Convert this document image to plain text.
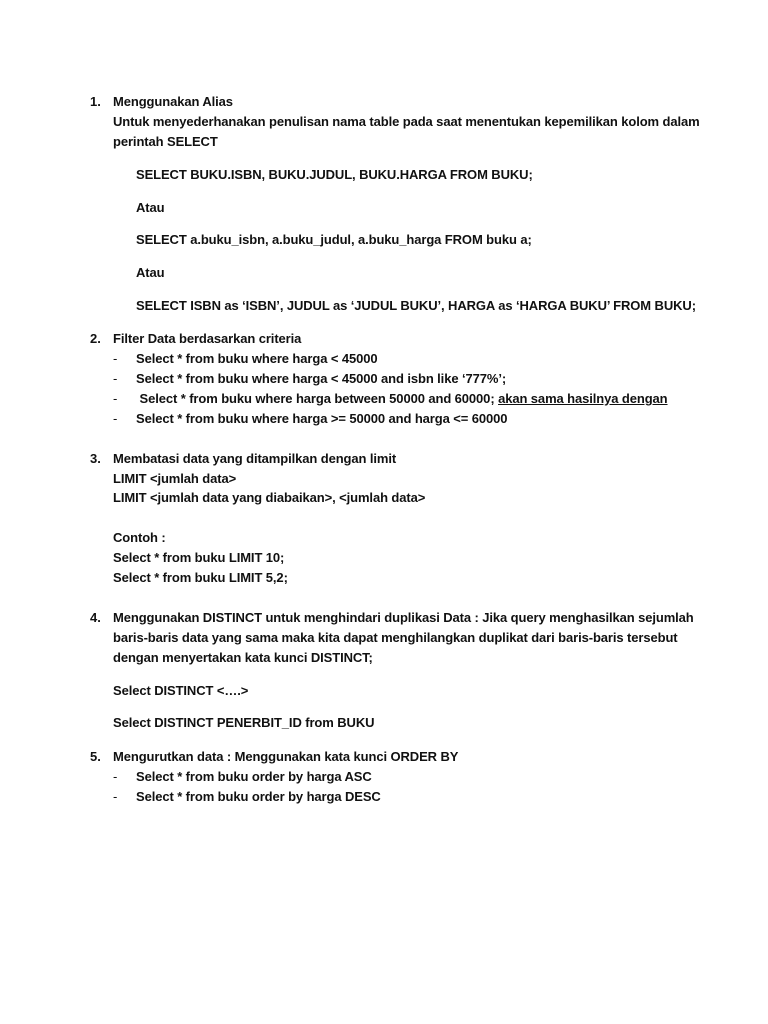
1. Menggunakan Alias
Untuk menyederhanakan penulisan nama table pada saat menentukan kepemilikan kolom dalam
perintah SELECT
SELECT BUKU.ISBN, BUKU.JUDUL, BUKU.HARGA FROM BUKU;
Atau
SELECT a.buku_isbn, a.buku_judul, a.buku_harga FROM buku a;
Atau
SELECT ISBN as ‘ISBN’, JUDUL as ‘JUDUL BUKU’, HARGA as ‘HARGA BUKU’ FROM BUKU;
2. Filter Data berdasarkan criteria
- Select * from buku where harga < 45000
- Select * from buku where harga < 45000 and isbn like ‘777%’;
- Select * from buku where harga between 50000 and 60000; akan sama hasilnya dengan
- Select * from buku where harga >= 50000 and harga <= 60000
3. Membatasi data yang ditampilkan dengan limit
LIMIT <jumlah data>
LIMIT <jumlah data yang diabaikan>, <jumlah data>
Contoh :
Select * from buku LIMIT 10;
Select * from buku LIMIT 5,2;
4. Menggunakan DISTINCT untuk menghindari duplikasi Data : Jika query menghasilkan sejumlah
baris-baris data yang sama maka kita dapat menghilangkan duplikat dari baris-baris tersebut
dengan menyertakan kata kunci DISTINCT;
Select DISTINCT <….>
Select DISTINCT PENERBIT_ID from BUKU
5. Mengurutkan data : Menggunakan kata kunci ORDER BY
- Select * from buku order by harga ASC
- Select * from buku order by harga DESC
